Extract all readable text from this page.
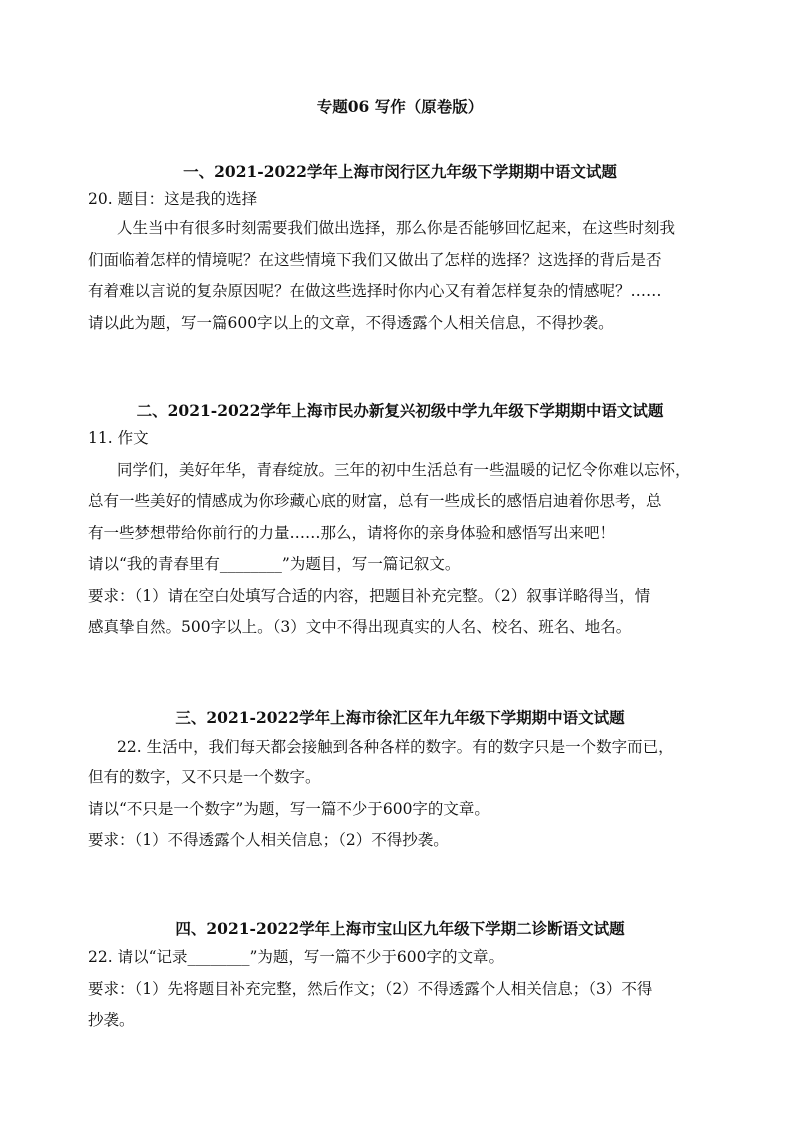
专题06 写作（原卷版）
一、2021-2022学年上海市闵行区九年级下学期期中语文试题
20. 题目：这是我的选择
人生当中有很多时刻需要我们做出选择，那么你是否能够回忆起来，在这些时刻我
们面临着怎样的情境呢？在这些情境下我们又做出了怎样的选择？这选择的背后是否
有着难以言说的复杂原因呢？在做这些选择时你内心又有着怎样复杂的情感呢？……
请以此为题，写一篇600字以上的文章，不得透露个人相关信息，不得抄袭。
二、2021-2022学年上海市民办新复兴初级中学九年级下学期期中语文试题
11. 作文
同学们，美好年华，青春绽放。三年的初中生活总有一些温暖的记忆令你难以忘怀，
总有一些美好的情感成为你珍藏心底的财富，总有一些成长的感悟启迪着你思考，总
有一些梦想带给你前行的力量……那么，请将你的亲身体验和感悟写出来吧！
请以“我的青春里有________”为题目，写一篇记叙文。
要求：（1）请在空白处填写合适的内容，把题目补充完整。（2）叙事详略得当，情
感真挚自然。500字以上。（3）文中不得出现真实的人名、校名、班名、地名。
三、2021-2022学年上海市徐汇区年九年级下学期期中语文试题
22. 生活中，我们每天都会接触到各种各样的数字。有的数字只是一个数字而已，
但有的数字，又不只是一个数字。
请以“不只是一个数字”为题，写一篇不少于600字的文章。
要求：（1）不得透露个人相关信息；（2）不得抄袭。
四、2021-2022学年上海市宝山区九年级下学期二诊断语文试题
22. 请以“记录________”为题，写一篇不少于600字的文章。
要求：（1）先将题目补充完整，然后作文；（2）不得透露个人相关信息；（3）不得
抄袭。
